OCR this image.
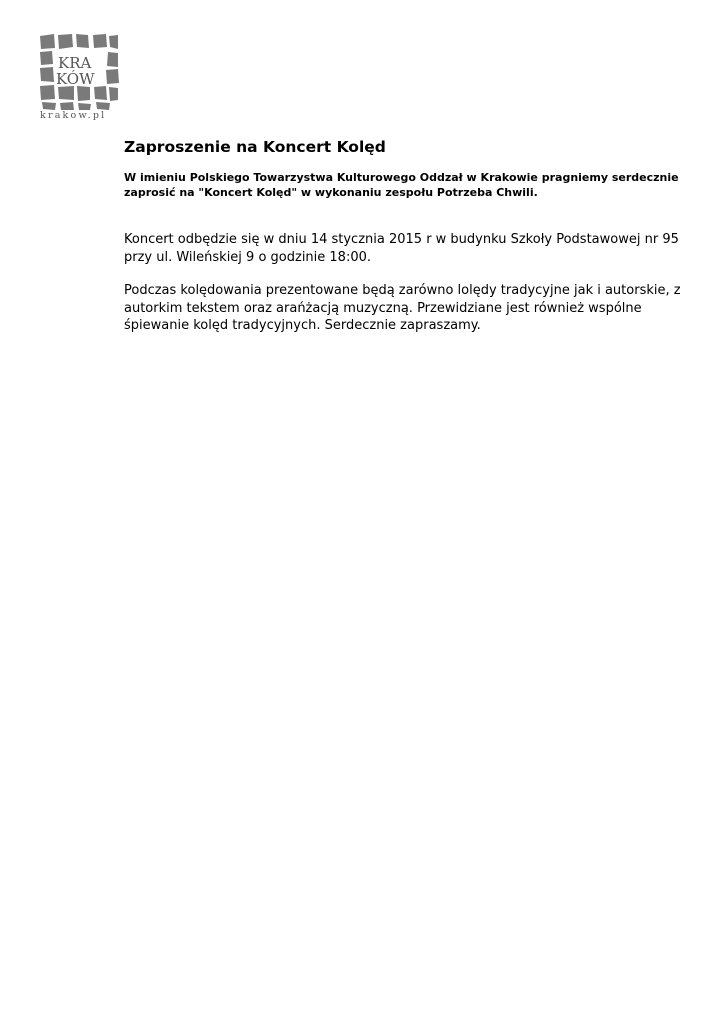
KRA
KÓW
krakow.pl
Zaproszenie na Koncert Kolęd

W imieniu Polskiego Towarzystwa Kulturowego Oddzał w Krakowie pragniemy serdecznie
zaprosić na "Koncert Kolęd" w wykonaniu zespołu Potrzeba Chwili.

Koncert odbędzie się w dniu 14 stycznia 2015 r w budynku Szkoły Podstawowej nr 95
przy ul. Wileńskiej 9 o godzinie 18:00.

Podczas kolędowania prezentowane będą zarówno lolędy tradycyjne jak i autorskie, z
autorkim tekstem oraz arańżacją muzyczną. Przewidziane jest również wspólne
śpiewanie kolęd tradycyjnych. Serdecznie zapraszamy.
